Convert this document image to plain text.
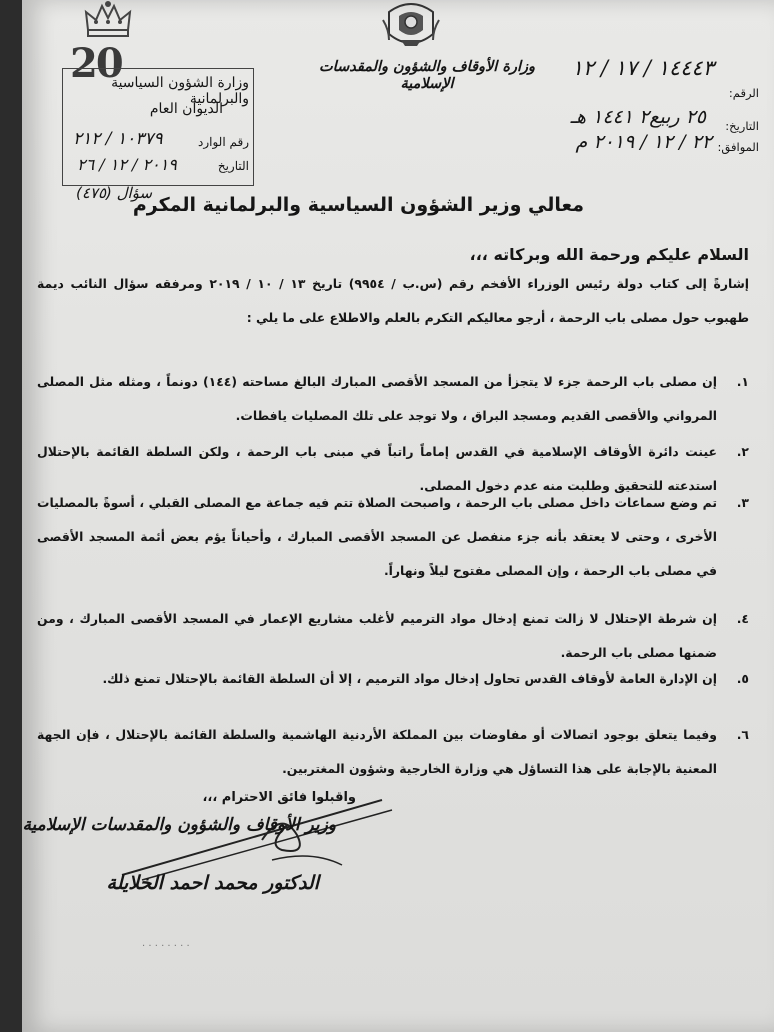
20	وزارة الأوقاف والشؤون والمقدسات الإسلامية
الرقم:
١٤٤٤٣ / ١٧ / ١٢
التاريخ:
٢٥ ربيع٢ ١٤٤١ هـ
الموافق:
٢٢ / ١٢ / ٢٠١٩ م
وزارة الشؤون السياسية والبرلمانية
الديوان العام
رقم الوارد
١٠٣٧٩ / ٢١٢
التاريخ
٢٠١٩ / ١٢ / ٢٦
سؤال (٤٧٥)
معالي وزير الشؤون السياسية والبرلمانية المكرم
السلام عليكم ورحمة الله وبركاته ،،،
إشارةً إلى كتاب دولة رئيس الوزراء الأفخم رقم (س.ب / ٩٩٥٤) تاريخ ١٣ / ١٠ / ٢٠١٩ ومرفقه سؤال النائب ديمة طهبوب حول مصلى باب الرحمة ، أرجو معاليكم التكرم بالعلم والاطلاع على ما يلي :
١.
إن مصلى باب الرحمة جزء لا يتجزأ من المسجد الأقصى المبارك البالغ مساحته (١٤٤) دونماً ، ومثله مثل المصلى المرواني والأقصى القديم ومسجد البراق ، ولا توجد على تلك المصليات يافطات.
٢.
عينت دائرة الأوقاف الإسلامية في القدس إماماً راتباً في مبنى باب الرحمة ، ولكن السلطة القائمة بالإحتلال استدعته للتحقيق وطلبت منه عدم دخول المصلى.
٣.
تم وضع سماعات داخل مصلى باب الرحمة ، واصبحت الصلاة تتم فيه جماعة مع المصلى القبلي ، أسوةً بالمصليات الأخرى ، وحتى لا يعتقد بأنه جزء منفصل عن المسجد الأقصى المبارك ، وأحياناً يؤم بعض أئمة المسجد الأقصى في مصلى باب الرحمة ، وإن المصلى مفتوح ليلاً ونهاراً.
٤.
إن شرطة الإحتلال لا زالت تمنع إدخال مواد الترميم لأغلب مشاريع الإعمار في المسجد الأقصى المبارك ، ومن ضمنها مصلى باب الرحمة.
٥.
إن الإدارة العامة لأوقاف القدس تحاول إدخال مواد الترميم ، إلا أن السلطة القائمة بالإحتلال تمنع ذلك.
٦.
وفيما يتعلق بوجود اتصالات أو مفاوضات بين المملكة الأردنية الهاشمية والسلطة القائمة بالإحتلال ، فإن الجهة المعنية بالإجابة على هذا التساؤل هي وزارة الخارجية وشؤون المغتربين.
واقبلوا فائق الاحترام ،،،
وزير الأوقاف والشؤون والمقدسات الإسلامية
الدكتور محمد احمد الخلايلة
. . . . . . . .
